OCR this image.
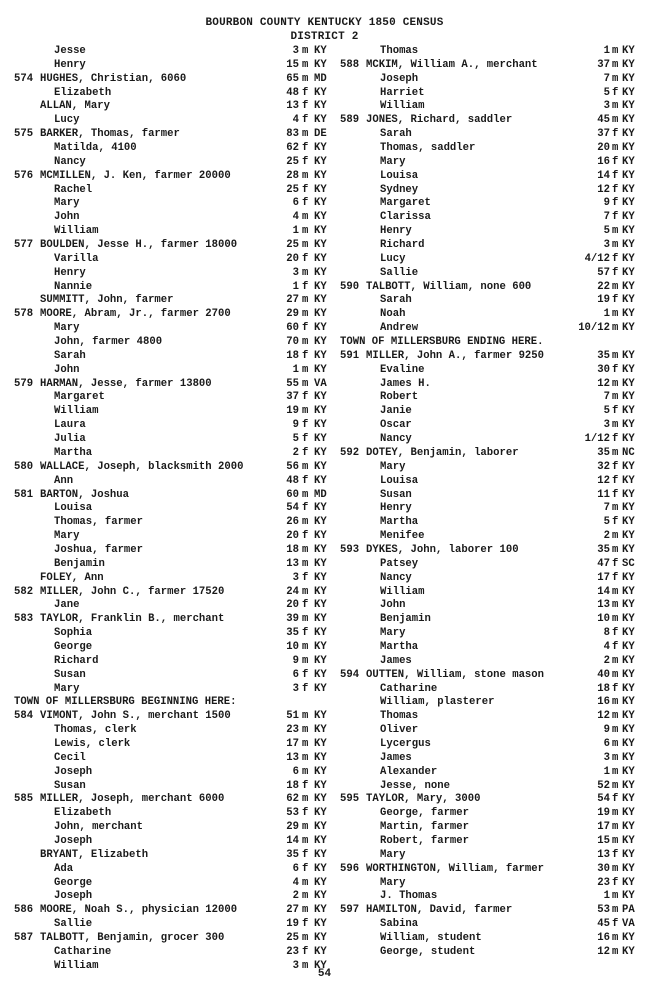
BOURBON COUNTY KENTUCKY 1850 CENSUS
DISTRICT 2
Jesse	3 m KY
Henry	15 m KY
574 HUGHES, Christian, 6060	65 m MD
Elizabeth	48 f KY
ALLAN, Mary	13 f KY
Lucy	4 f KY
575 BARKER, Thomas, farmer	83 m DE
Matilda, 4100	62 f KY
Nancy	25 f KY
576 MCMILLEN, J. Ken, farmer 20000	28 m KY
Rachel	25 f KY
Mary	6 f KY
John	4 m KY
William	1 m KY
577 BOULDEN, Jesse H., farmer 18000	25 m KY
Varilla	20 f KY
Henry	3 m KY
Nannie	1 f KY
SUMMITT, John, farmer	27 m KY
578 MOORE, Abram, Jr., farmer 2700	29 m KY
Mary	60 f KY
John, farmer 4800	70 m KY
Sarah	18 f KY
John	1 m KY
579 HARMAN, Jesse, farmer 13800	55 m VA
Margaret	37 f KY
William	19 m KY
Laura	9 f KY
Julia	5 f KY
Martha	2 f KY
580 WALLACE, Joseph, blacksmith 2000	56 m KY
Ann	48 f KY
581 BARTON, Joshua	60 m MD
Louisa	54 f KY
Thomas, farmer	26 m KY
Mary	20 f KY
Joshua, farmer	18 m KY
Benjamin	13 m KY
FOLEY, Ann	3 f KY
582 MILLER, John C., farmer 17520	24 m KY
Jane	20 f KY
583 TAYLOR, Franklin B., merchant	39 m KY
Sophia	35 f KY
George	10 m KY
Richard	9 m KY
Susan	6 f KY
Mary	3 f KY
TOWN OF MILLERSBURG BEGINNING HERE:
584 VIMONT, John S., merchant 1500	51 m KY
Thomas, clerk	23 m KY
Lewis, clerk	17 m KY
Cecil	13 m KY
Joseph	6 m KY
Susan	18 f KY
585 MILLER, Joseph, merchant 6000	62 m KY
Elizabeth	53 f KY
John, merchant	29 m KY
Joseph	14 m KY
BRYANT, Elizabeth	35 f KY
Ada	6 f KY
George	4 m KY
Joseph	2 m KY
586 MOORE, Noah S., physician 12000	27 m KY
Sallie	19 f KY
587 TALBOTT, Benjamin, grocer 300	25 m KY
Catharine	23 f KY
William	3 m KY
Thomas	1 m KY
588 MCKIM, William A., merchant	37 m KY
Joseph	7 m KY
Harriet	5 f KY
William	3 m KY
589 JONES, Richard, saddler	45 m KY
Sarah	37 f KY
Thomas, saddler	20 m KY
Mary	16 f KY
Louisa	14 f KY
Sydney	12 f KY
Margaret	9 f KY
Clarissa	7 f KY
Henry	5 m KY
Richard	3 m KY
Lucy	4/12 f KY
Sallie	57 f KY
590 TALBOTT, William, none 600	22 m KY
Sarah	19 f KY
Noah	1 m KY
Andrew	10/12 m KY
TOWN OF MILLERSBURG ENDING HERE.
591 MILLER, John A., farmer 9250	35 m KY
Evaline	30 f KY
James H.	12 m KY
Robert	7 m KY
Janie	5 f KY
Oscar	3 m KY
Nancy	1/12 f KY
592 DOTEY, Benjamin, laborer	35 m NC
Mary	32 f KY
Louisa	12 f KY
Susan	11 f KY
Henry	7 m KY
Martha	5 f KY
Menifee	2 m KY
593 DYKES, John, laborer 100	35 m KY
Patsey	47 f SC
Nancy	17 f KY
William	14 m KY
John	13 m KY
Benjamin	10 m KY
Mary	8 f KY
Martha	4 f KY
James	2 m KY
594 OUTTEN, William, stone mason	40 m KY
Catharine	18 f KY
William, plasterer	16 m KY
Thomas	12 m KY
Oliver	9 m KY
Lycergus	6 m KY
James	3 m KY
Alexander	1 m KY
Jesse, none	52 m KY
595 TAYLOR, Mary, 3000	54 f KY
George, farmer	19 m KY
Martin, farmer	17 m KY
Robert, farmer	15 m KY
Mary	13 f KY
596 WORTHINGTON, William, farmer	30 m KY
Mary	23 f KY
J. Thomas	1 m KY
597 HAMILTON, David, farmer	53 m PA
Sabina	45 f VA
William, student	16 m KY
George, student	12 m KY
54
